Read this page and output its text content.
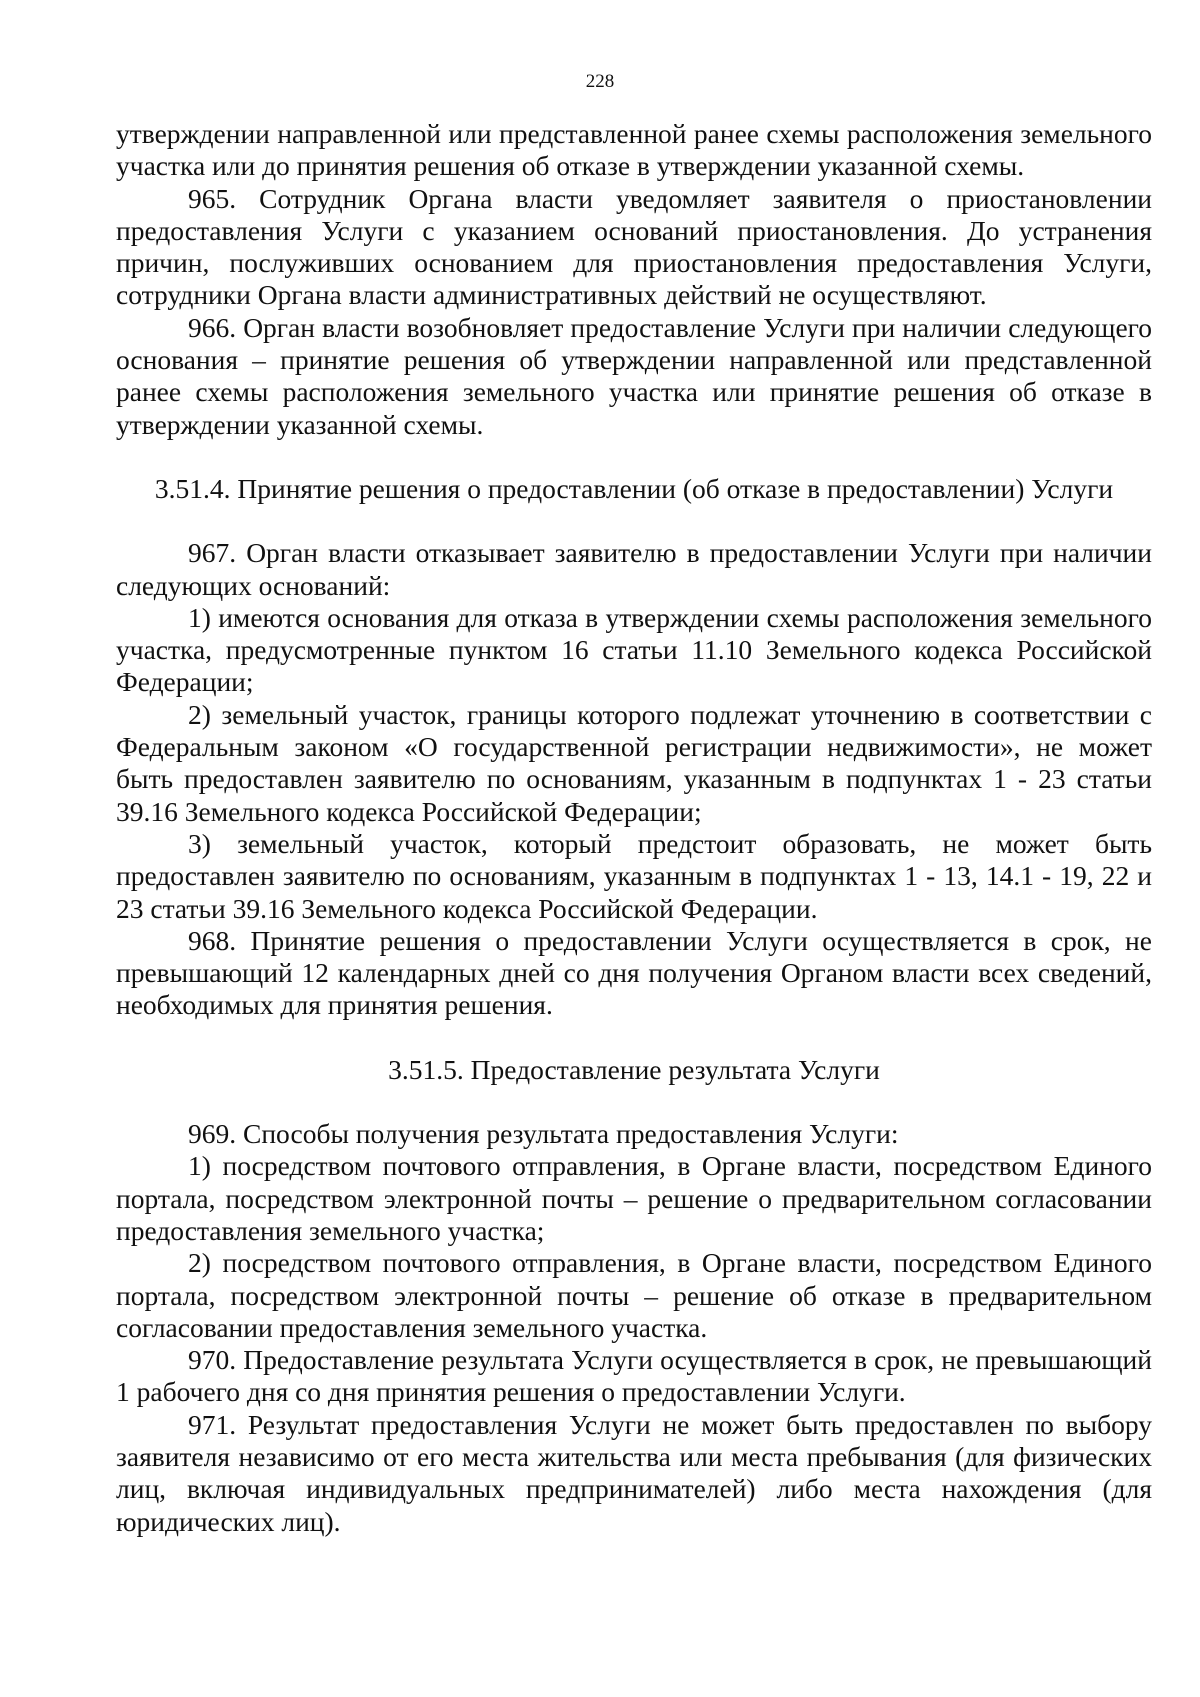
228

утверждении направленной или представленной ранее схемы расположения земельного участка или до принятия решения об отказе в утверждении указанной схемы.

965. Сотрудник Органа власти уведомляет заявителя о приостановлении предоставления Услуги с указанием оснований приостановления. До устранения причин, послуживших основанием для приостановления предоставления Услуги, сотрудники Органа власти административных действий не осуществляют.

966. Орган власти возобновляет предоставление Услуги при наличии следующего основания – принятие решения об утверждении направленной или представленной ранее схемы расположения земельного участка или принятие решения об отказе в утверждении указанной схемы.

3.51.4. Принятие решения о предоставлении (об отказе в предоставлении) Услуги

967. Орган власти отказывает заявителю в предоставлении Услуги при наличии следующих оснований:

1) имеются основания для отказа в утверждении схемы расположения земельного участка, предусмотренные пунктом 16 статьи 11.10 Земельного кодекса Российской Федерации;

2) земельный участок, границы которого подлежат уточнению в соответствии с Федеральным законом «О государственной регистрации недвижимости», не может быть предоставлен заявителю по основаниям, указанным в подпунктах 1 - 23 статьи 39.16 Земельного кодекса Российской Федерации;

3) земельный участок, который предстоит образовать, не может быть предоставлен заявителю по основаниям, указанным в подпунктах 1 - 13, 14.1 - 19, 22 и 23 статьи 39.16 Земельного кодекса Российской Федерации.

968. Принятие решения о предоставлении Услуги осуществляется в срок, не превышающий 12 календарных дней со дня получения Органом власти всех сведений, необходимых для принятия решения.

3.51.5. Предоставление результата Услуги

969. Способы получения результата предоставления Услуги:

1) посредством почтового отправления, в Органе власти, посредством Единого портала, посредством электронной почты – решение о предварительном согласовании предоставления земельного участка;

2) посредством почтового отправления, в Органе власти, посредством Единого портала, посредством электронной почты – решение об отказе в предварительном согласовании предоставления земельного участка.

970. Предоставление результата Услуги осуществляется в срок, не превышающий 1 рабочего дня со дня принятия решения о предоставлении Услуги.

971. Результат предоставления Услуги не может быть предоставлен по выбору заявителя независимо от его места жительства или места пребывания (для физических лиц, включая индивидуальных предпринимателей) либо места нахождения (для юридических лиц).
